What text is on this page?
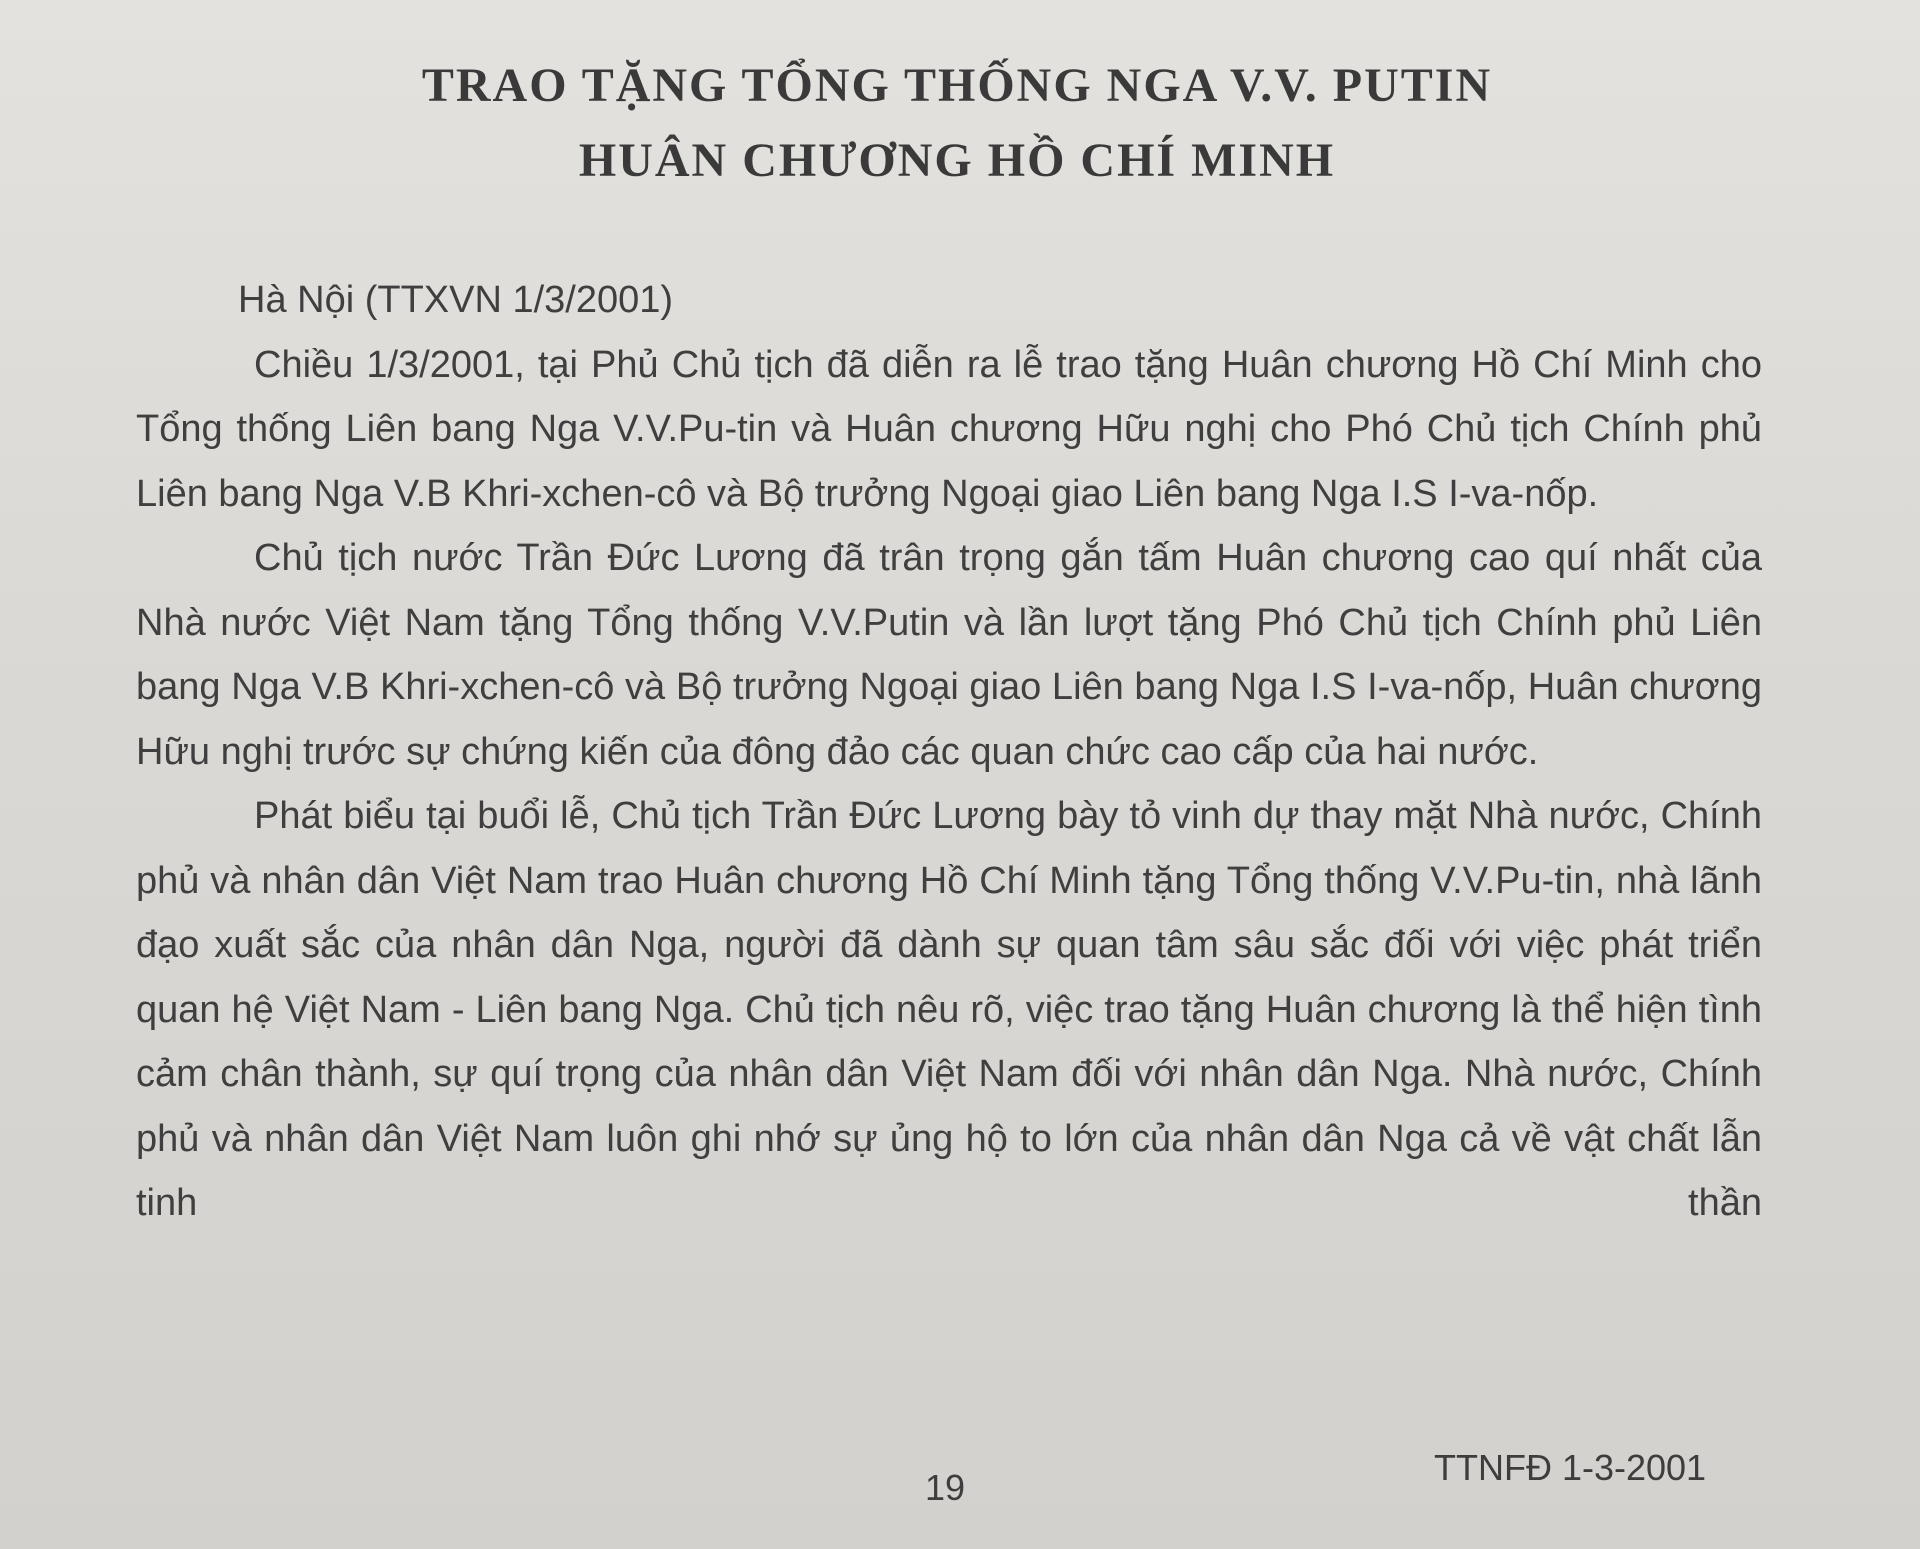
TRAO TẶNG TỔNG THỐNG NGA V.V. PUTIN
HUÂN CHƯƠNG HỒ CHÍ MINH

Hà Nội (TTXVN 1/3/2001)

Chiều 1/3/2001, tại Phủ Chủ tịch đã diễn ra lễ trao tặng Huân chương Hồ Chí Minh cho Tổng thống Liên bang Nga V.V.Pu-tin và Huân chương Hữu nghị cho Phó Chủ tịch Chính phủ Liên bang Nga V.B Khri-xchen-cô và Bộ trưởng Ngoại giao Liên bang Nga I.S I-va-nốp.

Chủ tịch nước Trần Đức Lương đã trân trọng gắn tấm Huân chương cao quí nhất của Nhà nước Việt Nam tặng Tổng thống V.V.Putin và lần lượt tặng Phó Chủ tịch Chính phủ Liên bang Nga V.B Khri-xchen-cô và Bộ trưởng Ngoại giao Liên bang Nga I.S I-va-nốp, Huân chương Hữu nghị trước sự chứng kiến của đông đảo các quan chức cao cấp của hai nước.

Phát biểu tại buổi lễ, Chủ tịch Trần Đức Lương bày tỏ vinh dự thay mặt Nhà nước, Chính phủ và nhân dân Việt Nam trao Huân chương Hồ Chí Minh tặng Tổng thống V.V.Pu-tin, nhà lãnh đạo xuất sắc của nhân dân Nga, người đã dành sự quan tâm sâu sắc đối với việc phát triển quan hệ Việt Nam - Liên bang Nga. Chủ tịch nêu rõ, việc trao tặng Huân chương là thể hiện tình cảm chân thành, sự quí trọng của nhân dân Việt Nam đối với nhân dân Nga. Nhà nước, Chính phủ và nhân dân Việt Nam luôn ghi nhớ sự ủng hộ to lớn của nhân dân Nga cả về vật chất lẫn tinh thần

19	TTNFĐ 1-3-2001
